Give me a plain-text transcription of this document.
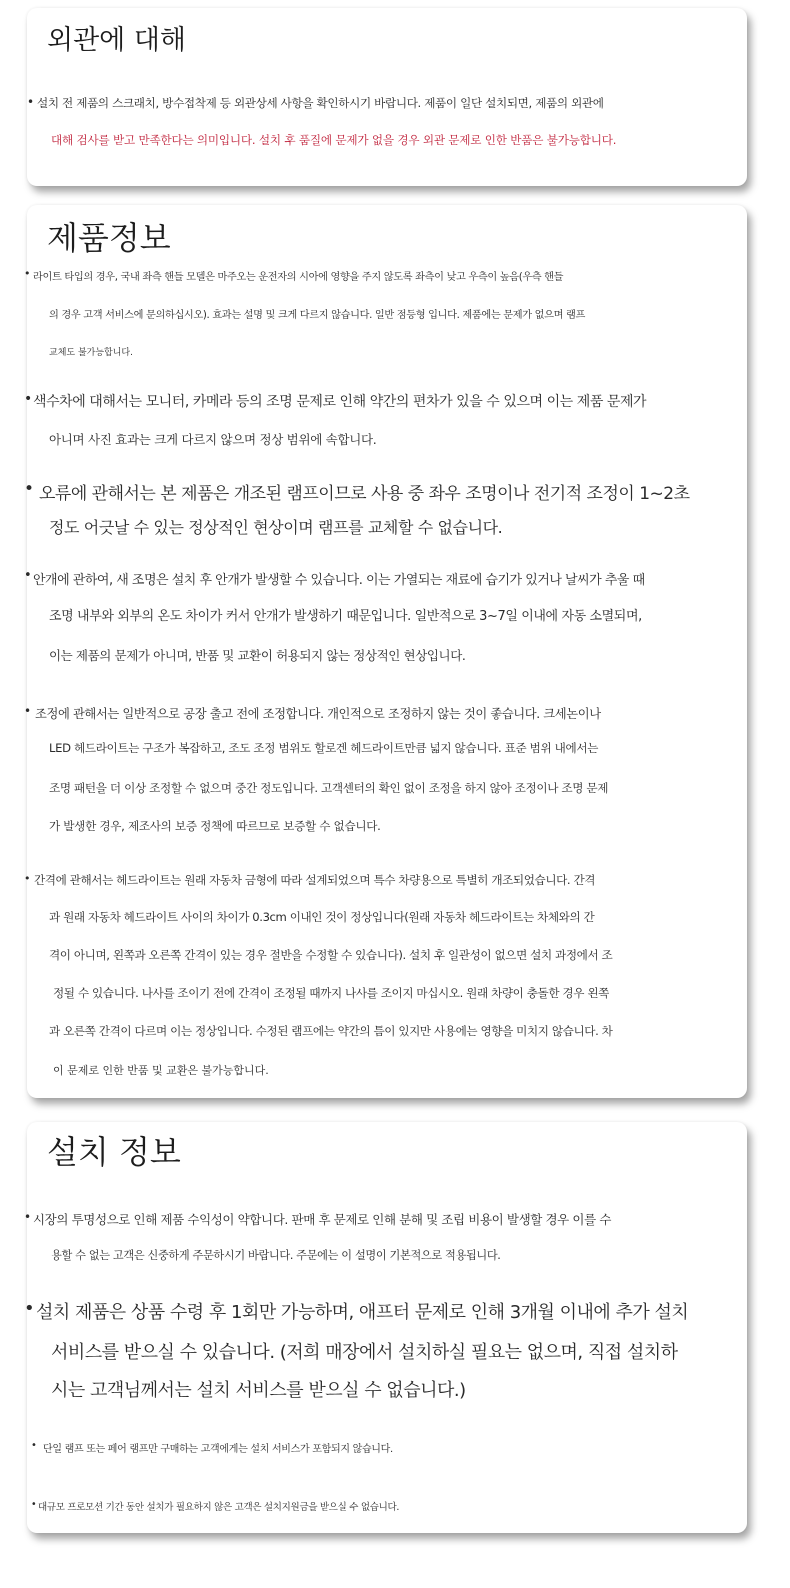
외관에 대해
• 설치 전 제품의 스크래치, 방수접착제 등 외관상세 사항을 확인하시기 바랍니다. 제품이 일단 설치되면, 제품의 외관에
대해 검사를 받고 만족한다는 의미입니다. 설치 후 품질에 문제가 없을 경우 외관 문제로 인한 반품은 불가능합니다.
제품정보
• 라이트 타입의 경우, 국내 좌측 핸들 모델은 마주오는 운전자의 시아에 영향을 주지 않도록 좌측이 낮고 우측이 높음(우측 핸들
의 경우 고객 서비스에 문의하십시오). 효과는 설명 및 크게 다르지 않습니다. 일반 점등형 입니다. 제품에는 문제가 없으며 램프
교체도 불가능합니다.
• 색수차에 대해서는 모니터, 카메라 등의 조명 문제로 인해 약간의 편차가 있을 수 있으며 이는 제품 문제가
아니며 사진 효과는 크게 다르지 않으며 정상 범위에 속합니다.
• 오류에 관해서는 본 제품은 개조된 램프이므로 사용 중 좌우 조명이나 전기적 조정이 1~2초
정도 어긋날 수 있는 정상적인 현상이며 램프를 교체할 수 없습니다.
• 안개에 관하여, 새 조명은 설치 후 안개가 발생할 수 있습니다. 이는 가열되는 재료에 습기가 있거나 날씨가 추울 때
조명 내부와 외부의 온도 차이가 커서 안개가 발생하기 때문입니다. 일반적으로 3~7일 이내에 자동 소멸되며,
이는 제품의 문제가 아니며, 반품 및 교환이 허용되지 않는 정상적인 현상입니다.
• 조정에 관해서는 일반적으로 공장 출고 전에 조정합니다. 개인적으로 조정하지 않는 것이 좋습니다. 크세논이나
LED 헤드라이트는 구조가 복잡하고, 조도 조정 범위도 할로겐 헤드라이트만큼 넓지 않습니다. 표준 범위 내에서는
조명 패턴을 더 이상 조정할 수 없으며 중간 정도입니다. 고객센터의 확인 없이 조정을 하지 않아 조정이나 조명 문제
가 발생한 경우, 제조사의 보증 정책에 따르므로 보증할 수 없습니다.
• 간격에 관해서는 헤드라이트는 원래 자동차 금형에 따라 설계되었으며 특수 차량용으로 특별히 개조되었습니다. 간격
과 원래 자동차 헤드라이트 사이의 차이가 0.3cm 이내인 것이 정상입니다(원래 자동차 헤드라이트는 차체와의 간
격이 아니며, 왼쪽과 오른쪽 간격이 있는 경우 절반을 수정할 수 있습니다). 설치 후 일관성이 없으면 설치 과정에서 조
정될 수 있습니다. 나사를 조이기 전에 간격이 조정될 때까지 나사를 조이지 마십시오. 원래 차량이 충돌한 경우 왼쪽
과 오른쪽 간격이 다르며 이는 정상입니다. 수정된 램프에는 약간의 틈이 있지만 사용에는 영향을 미치지 않습니다. 차
이 문제로 인한 반품 및 교환은 불가능합니다.
설치 정보
• 시장의 투명성으로 인해 제품 수익성이 약합니다. 판매 후 문제로 인해 분해 및 조립 비용이 발생할 경우 이를 수
용할 수 없는 고객은 신중하게 주문하시기 바랍니다. 주문에는 이 설명이 기본적으로 적용됩니다.
• 설치 제품은 상품 수령 후 1회만 가능하며, 애프터 문제로 인해 3개월 이내에 추가 설치
서비스를 받으실 수 있습니다. (저희 매장에서 설치하실 필요는 없으며, 직접 설치하
시는 고객님께서는 설치 서비스를 받으실 수 없습니다.)
• 단일 램프 또는 페어 램프만 구매하는 고객에게는 설치 서비스가 포함되지 않습니다.
• 대규모 프로모션 기간 동안 설치가 필요하지 않은 고객은 설치지원금을 받으실 수 없습니다.
